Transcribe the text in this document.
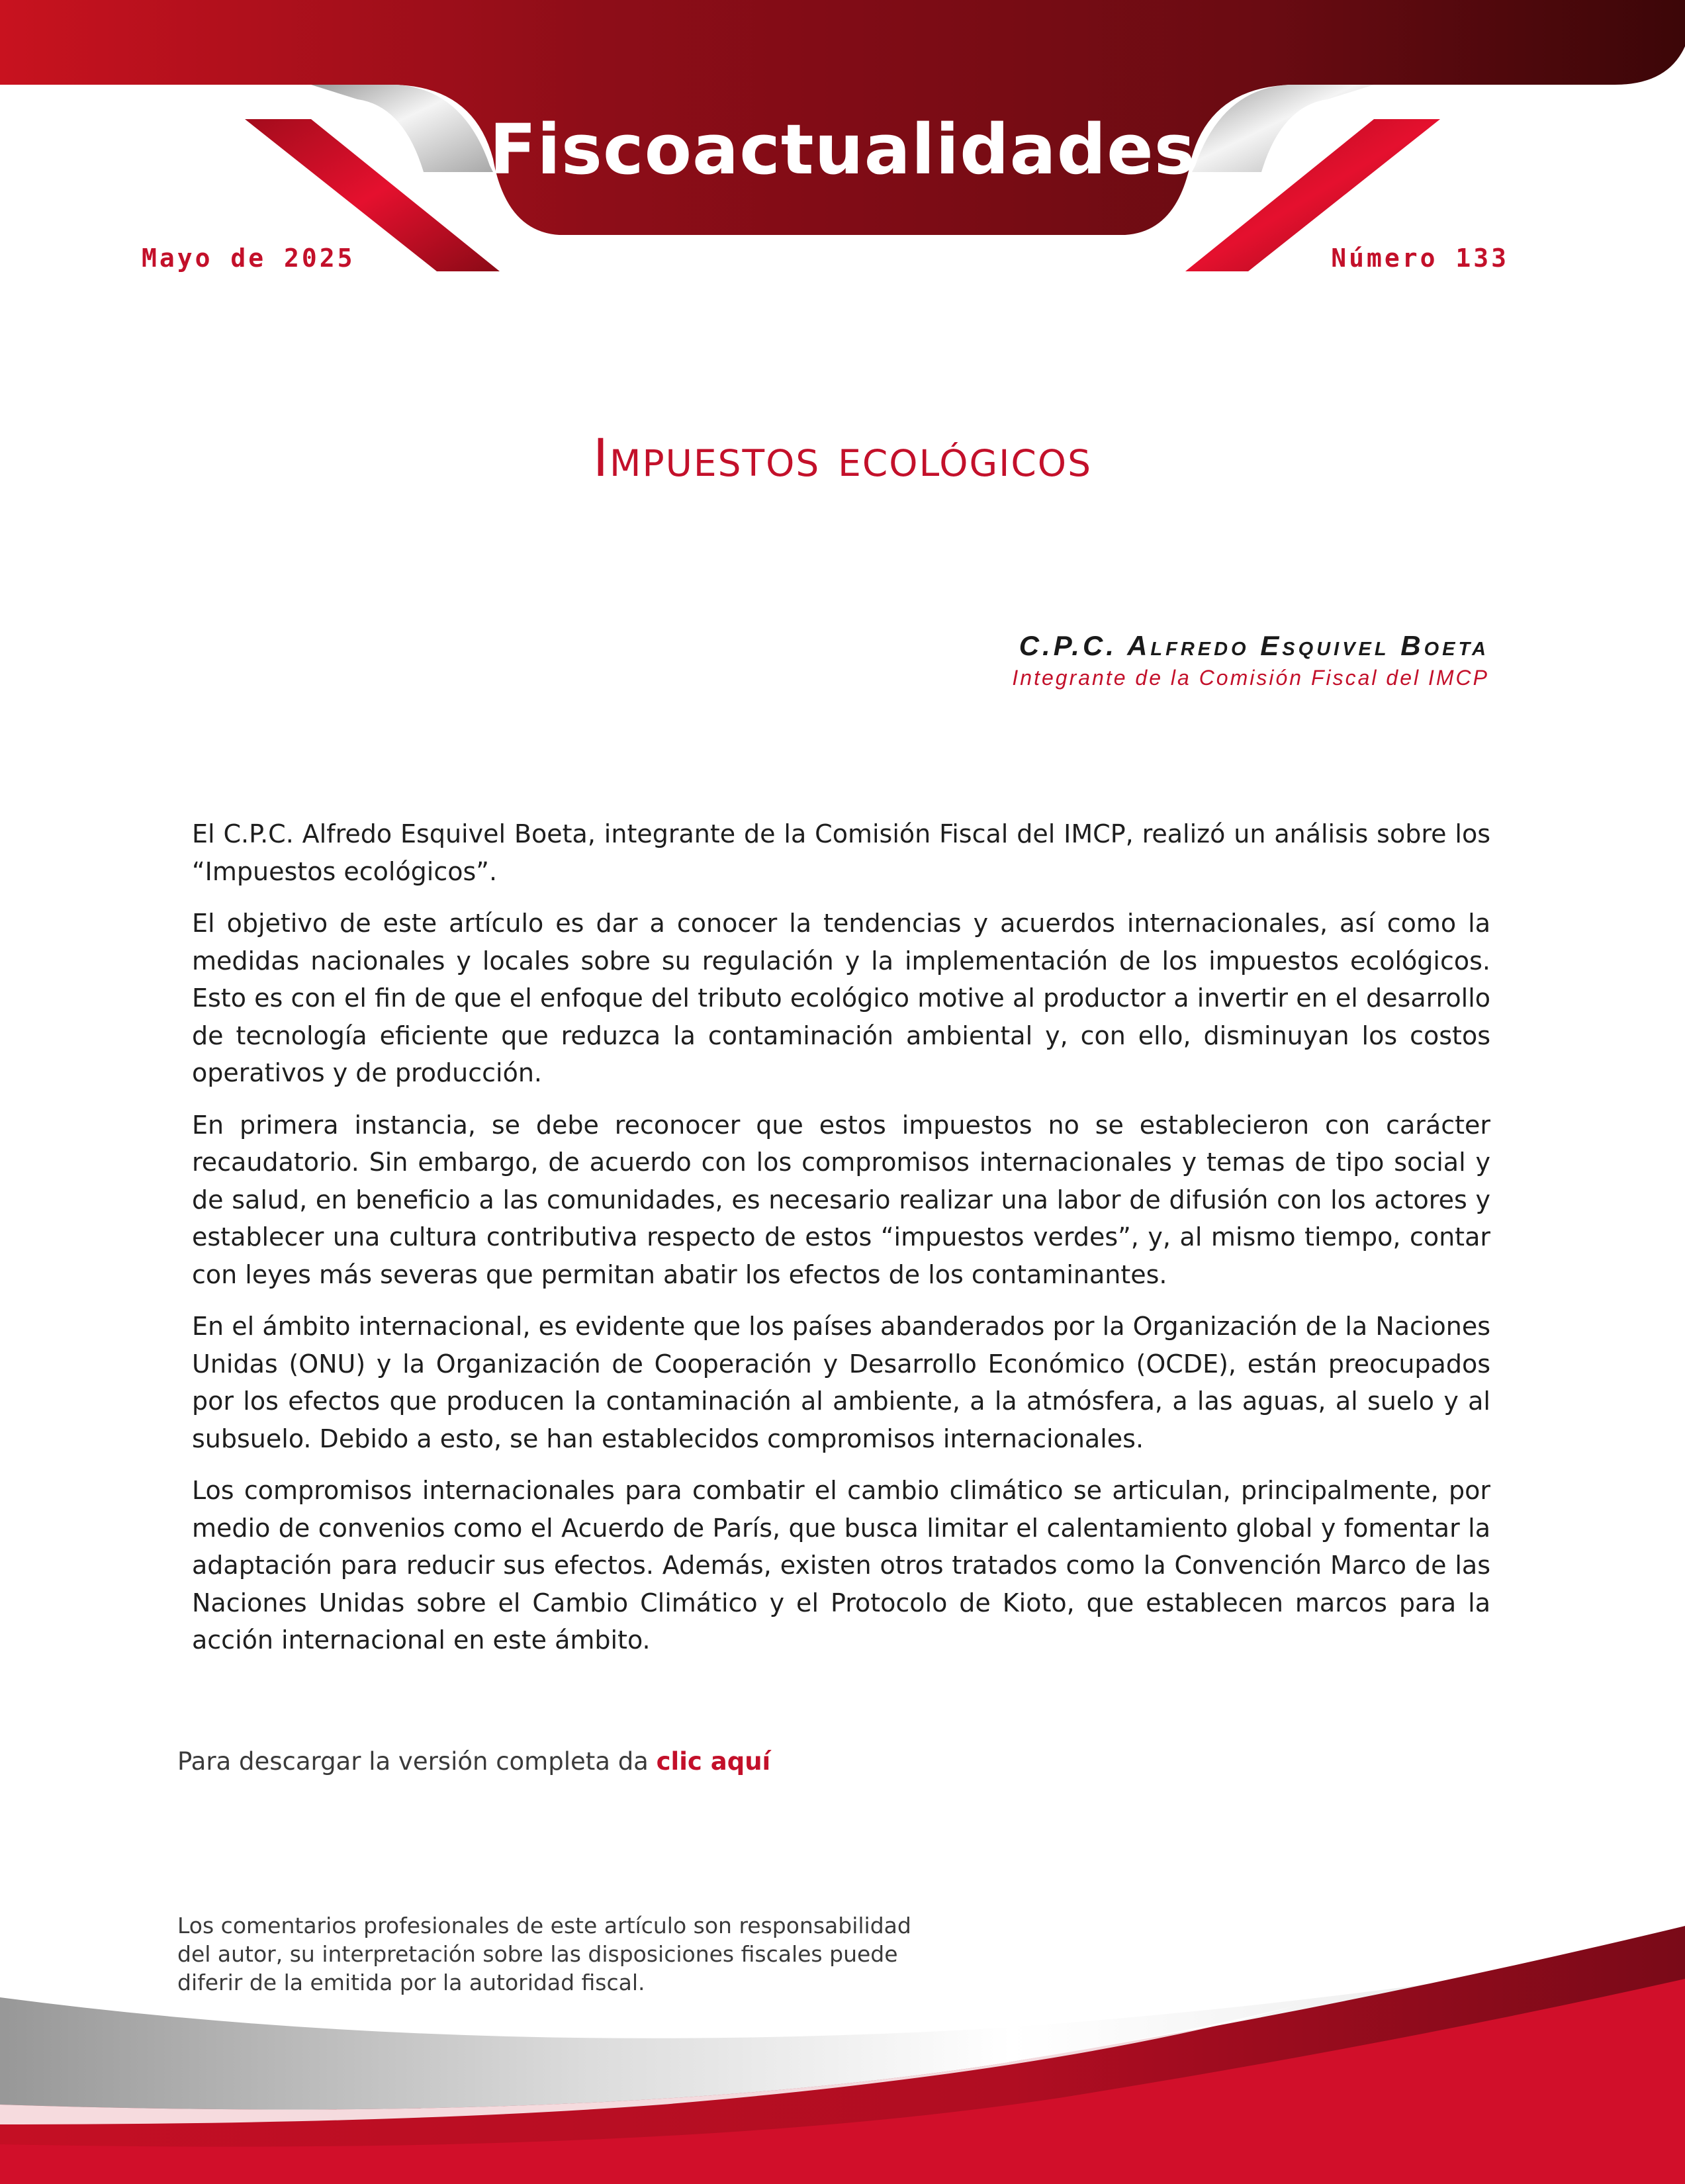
Fiscoactualidades
Mayo de 2025	Número 133
Impuestos ecológicos
C.P.C. Alfredo Esquivel Boeta
Integrante de la Comisión Fiscal del IMCP

El C.P.C. Alfredo Esquivel Boeta, integrante de la Comisión Fiscal del IMCP, realizó un análisis sobre los “Impuestos ecológicos”.

El objetivo de este artículo es dar a conocer la tendencias y acuerdos internacionales, así como la medidas nacionales y locales sobre su regulación y la implementación de los impuestos ecológicos. Esto es con el fin de que el enfoque del tributo ecológico motive al productor a invertir en el desarrollo de tecnología eficiente que reduzca la contaminación ambiental y, con ello, disminuyan los costos operativos y de producción.

En primera instancia, se debe reconocer que estos impuestos no se establecieron con carácter recaudatorio. Sin embargo, de acuerdo con los compromisos internacionales y temas de tipo social y de salud, en beneficio a las comunidades, es necesario realizar una labor de difusión con los actores y establecer una cultura contributiva respecto de estos “impuestos verdes”, y, al mismo tiempo, contar con leyes más severas que permitan abatir los efectos de los contaminantes.

En el ámbito internacional, es evidente que los países abanderados por la Organización de la Naciones Unidas (ONU) y la Organización de Cooperación y Desarrollo Económico (OCDE), están preocupados por los efectos que producen la contaminación al ambiente, a la atmósfera, a las aguas, al suelo y al subsuelo. Debido a esto, se han establecidos compromisos internacionales.

Los compromisos internacionales para combatir el cambio climático se articulan, principalmente, por medio de convenios como el Acuerdo de París, que busca limitar el calentamiento global y fomentar la adaptación para reducir sus efectos. Además, existen otros tratados como la Convención Marco de las Naciones Unidas sobre el Cambio Climático y el Protocolo de Kioto, que establecen marcos para la acción internacional en este ámbito.

Para descargar la versión completa da clic aquí
Los comentarios profesionales de este artículo son responsabilidad del autor, su interpretación sobre las disposiciones fiscales puede diferir de la emitida por la autoridad fiscal.
